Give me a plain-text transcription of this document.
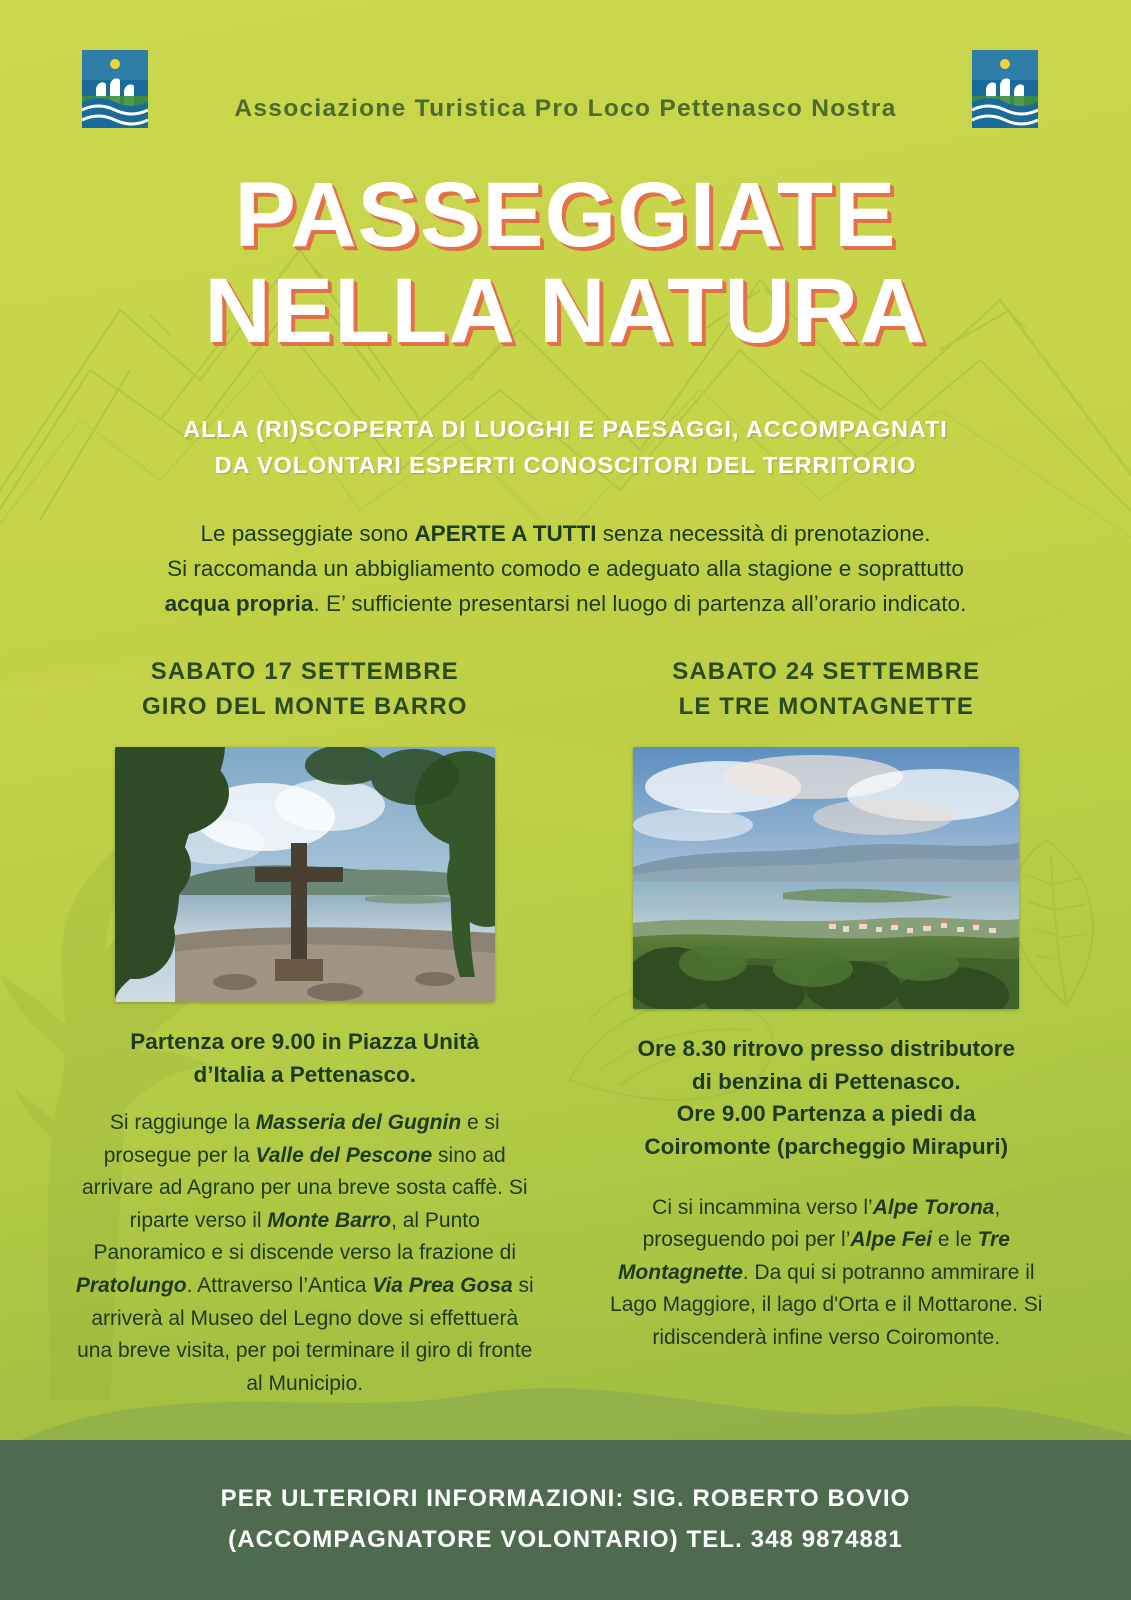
Associazione Turistica Pro Loco Pettenasco Nostra
PASSEGGIATE
NELLA NATURA
ALLA (RI)SCOPERTA DI LUOGHI E PAESAGGI, ACCOMPAGNATI
DA VOLONTARI ESPERTI CONOSCITORI DEL TERRITORIO
Le passeggiate sono APERTE A TUTTI senza necessità di prenotazione.
Si raccomanda un abbigliamento comodo e adeguato alla stagione e soprattutto
acqua propria. E’ sufficiente presentarsi nel luogo di partenza all’orario indicato.
SABATO 17 SETTEMBRE
GIRO DEL MONTE BARRO
Partenza ore 9.00 in Piazza Unità
d’Italia a Pettenasco.
Si raggiunge la Masseria del Gugnin e si prosegue per la Valle del Pescone sino ad arrivare ad Agrano per una breve sosta caffè. Si riparte verso il Monte Barro, al Punto Panoramico e si discende verso la frazione di Pratolungo. Attraverso l’Antica Via Prea Gosa si arriverà al Museo del Legno dove si effettuerà una breve visita, per poi terminare il giro di fronte al Municipio.
SABATO 24 SETTEMBRE
LE TRE MONTAGNETTE
Ore 8.30 ritrovo presso distributore
di benzina di Pettenasco.
Ore 9.00 Partenza a piedi da
Coiromonte (parcheggio Mirapuri)
Ci si incammina verso l’Alpe Torona, proseguendo poi per l’Alpe Fei e le Tre Montagnette. Da qui si potranno ammirare il Lago Maggiore, il lago d'Orta e il Mottarone. Si ridiscenderà infine verso Coiromonte.
PER ULTERIORI INFORMAZIONI: SIG. ROBERTO BOVIO
(ACCOMPAGNATORE VOLONTARIO) TEL. 348 9874881
